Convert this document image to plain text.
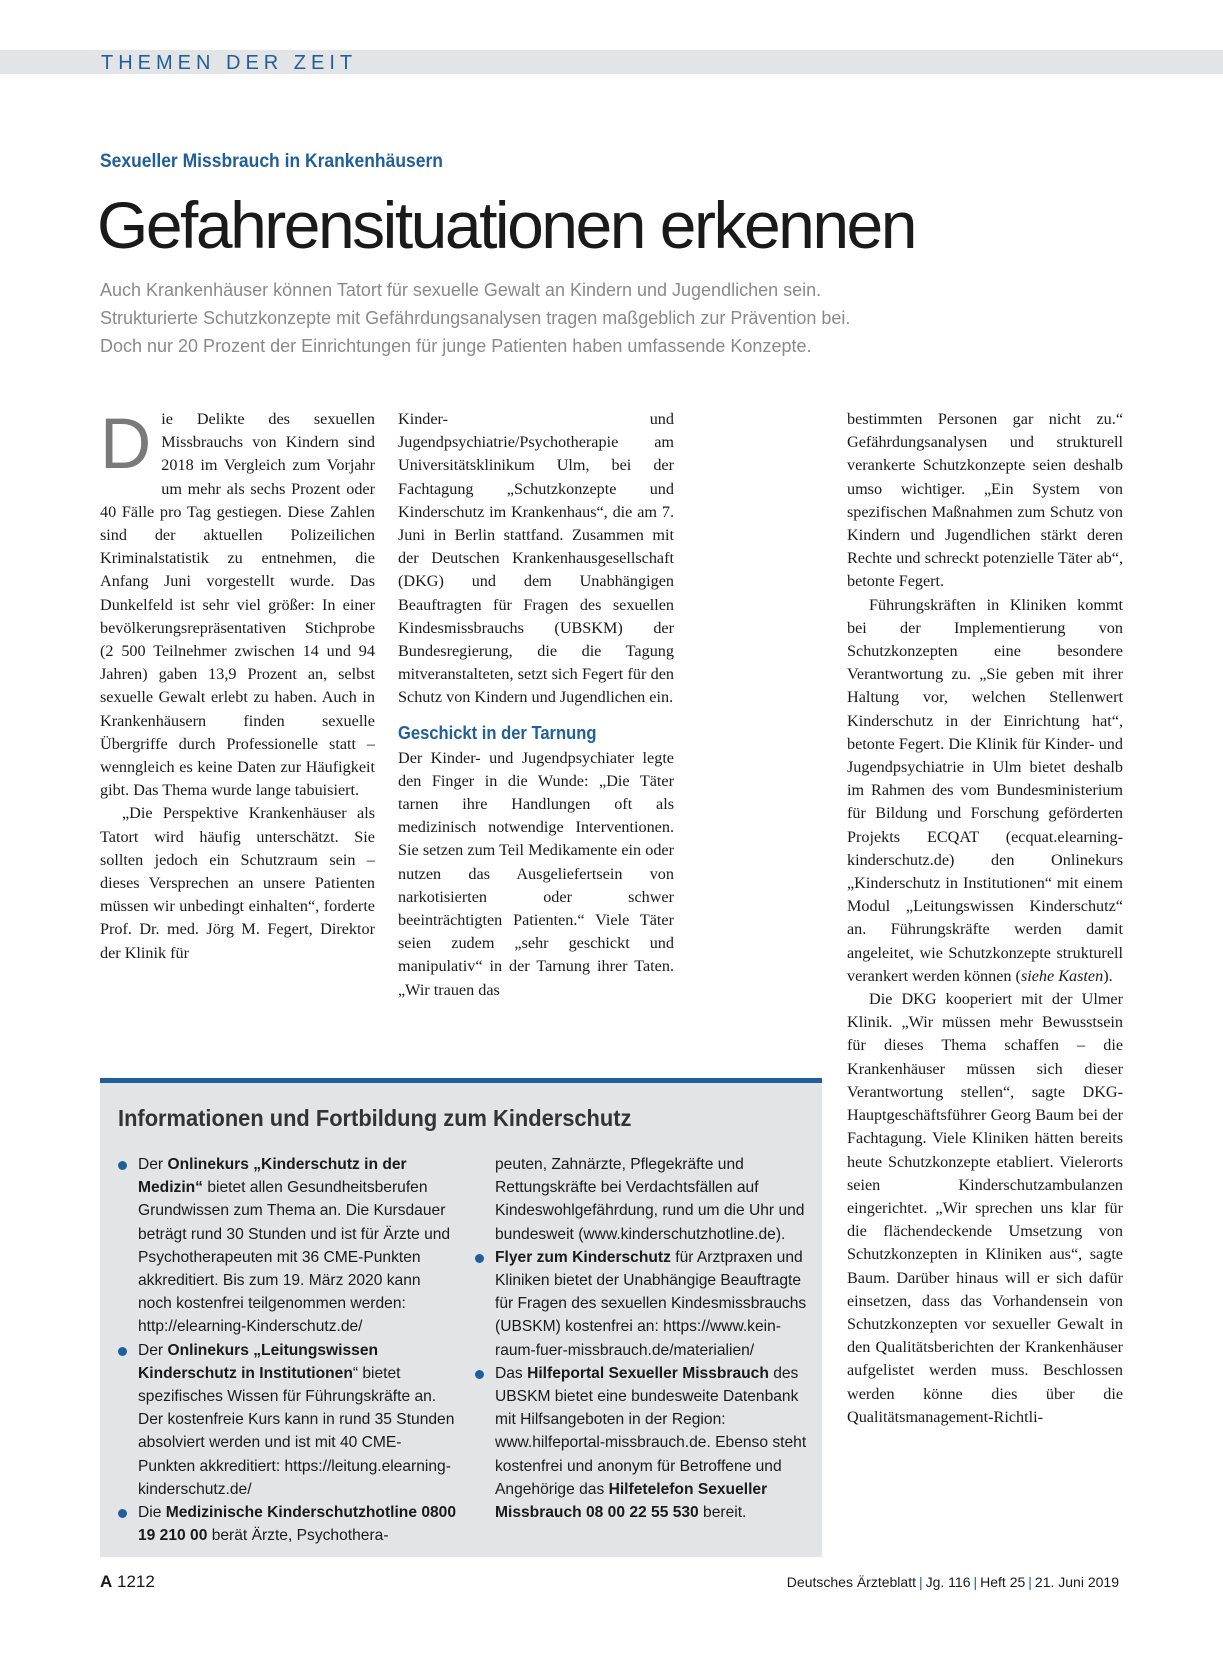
THEMEN DER ZEIT
Sexueller Missbrauch in Krankenhäusern
Gefahrensituationen erkennen

Auch Krankenhäuser können Tatort für sexuelle Gewalt an Kindern und Jugendlichen sein.
Strukturierte Schutzkonzepte mit Gefährdungsanalysen tragen maßgeblich zur Prävention bei.
Doch nur 20 Prozent der Einrichtungen für junge Patienten haben umfassende Konzepte.

Die Delikte des sexuellen Missbrauchs von Kindern sind 2018 im Vergleich zum Vorjahr um mehr als sechs Prozent oder 40 Fälle pro Tag gestiegen. Diese Zahlen sind der aktuellen Polizeilichen Kriminalstatistik zu entnehmen, die Anfang Juni vorgestellt wurde. Das Dunkelfeld ist sehr viel größer: In einer bevölkerungsrepräsentativen Stichprobe (2 500 Teilnehmer zwischen 14 und 94 Jahren) gaben 13,9 Prozent an, selbst sexuelle Gewalt erlebt zu haben. Auch in Krankenhäusern finden sexuelle Übergriffe durch Professionelle statt – wenngleich es keine Daten zur Häufigkeit gibt. Das Thema wurde lange tabuisiert.

„Die Perspektive Krankenhäuser als Tatort wird häufig unterschätzt. Sie sollten jedoch ein Schutzraum sein – dieses Versprechen an unsere Patienten müssen wir unbedingt einhalten“, forderte Prof. Dr. med. Jörg M. Fegert, Direktor der Klinik für

Kinder- und Jugendpsychiatrie/Psychotherapie am Universitätsklinikum Ulm, bei der Fachtagung „Schutzkonzepte und Kinderschutz im Krankenhaus“, die am 7. Juni in Berlin stattfand. Zusammen mit der Deutschen Krankenhausgesellschaft (DKG) und dem Unabhängigen Beauftragten für Fragen des sexuellen Kindesmissbrauchs (UBSKM) der Bundesregierung, die die Tagung mitveranstalteten, setzt sich Fegert für den Schutz von Kindern und Jugendlichen ein.

Geschickt in der Tarnung

Der Kinder- und Jugendpsychiater legte den Finger in die Wunde: „Die Täter tarnen ihre Handlungen oft als medizinisch notwendige Interventionen. Sie setzen zum Teil Medikamente ein oder nutzen das Ausgeliefertsein von narkotisierten oder schwer beeinträchtigten Patienten.“ Viele Täter seien zudem „sehr geschickt und manipulativ“ in der Tarnung ihrer Taten. „Wir trauen das

bestimmten Personen gar nicht zu.“ Gefährdungsanalysen und strukturell verankerte Schutzkonzepte seien deshalb umso wichtiger. „Ein System von spezifischen Maßnahmen zum Schutz von Kindern und Jugendlichen stärkt deren Rechte und schreckt potenzielle Täter ab“, betonte Fegert.

Führungskräften in Kliniken kommt bei der Implementierung von Schutzkonzepten eine besondere Verantwortung zu. „Sie geben mit ihrer Haltung vor, welchen Stellenwert Kinderschutz in der Einrichtung hat“, betonte Fegert. Die Klinik für Kinder- und Jugendpsychiatrie in Ulm bietet deshalb im Rahmen des vom Bundesministerium für Bildung und Forschung geförderten Projekts ECQAT (ecquat.elearning-kinderschutz.de) den Onlinekurs „Kinderschutz in Institutionen“ mit einem Modul „Leitungswissen Kinderschutz“ an. Führungskräfte werden damit angeleitet, wie Schutzkonzepte strukturell verankert werden können (siehe Kasten).

Die DKG kooperiert mit der Ulmer Klinik. „Wir müssen mehr Bewusstsein für dieses Thema schaffen – die Krankenhäuser müssen sich dieser Verantwortung stellen“, sagte DKG-Hauptgeschäftsführer Georg Baum bei der Fachtagung. Viele Kliniken hätten bereits heute Schutzkonzepte etabliert. Vielerorts seien Kinderschutzambulanzen eingerichtet. „Wir sprechen uns klar für die flächendeckende Umsetzung von Schutzkonzepten in Kliniken aus“, sagte Baum. Darüber hinaus will er sich dafür einsetzen, dass das Vorhandensein von Schutzkonzepten vor sexueller Gewalt in den Qualitätsberichten der Krankenhäuser aufgelistet werden muss. Beschlossen werden könne dies über die Qualitätsmanagement-Richtli-

Informationen und Fortbildung zum Kinderschutz
Der Onlinekurs „Kinderschutz in der Medizin“ bietet allen Gesundheitsberufen Grundwissen zum Thema an. Die Kursdauer beträgt rund 30 Stunden und ist für Ärzte und Psychotherapeuten mit 36 CME-Punkten akkreditiert. Bis zum 19. März 2020 kann noch kostenfrei teilgenommen werden: http://elearning-Kinderschutz.de/
Der Onlinekurs „Leitungswissen Kinderschutz in Institutionen“ bietet spezifisches Wissen für Führungskräfte an. Der kostenfreie Kurs kann in rund 35 Stunden absolviert werden und ist mit 40 CME-Punkten akkreditiert: https://leitung.elearning-kinderschutz.de/
Die Medizinische Kinderschutzhotline 0800 19 210 00 berät Ärzte, Psychothera-
peuten, Zahnärzte, Pflegekräfte und Rettungskräfte bei Verdachtsfällen auf Kindeswohlgefährdung, rund um die Uhr und bundesweit (www.kinderschutzhotline.de).
Flyer zum Kinderschutz für Arztpraxen und Kliniken bietet der Unabhängige Beauftragte für Fragen des sexuellen Kindesmissbrauchs (UBSKM) kostenfrei an: https://www.kein-raum-fuer-missbrauch.de/materialien/
Das Hilfeportal Sexueller Missbrauch des UBSKM bietet eine bundesweite Datenbank mit Hilfsangeboten in der Region: www.hilfeportal-missbrauch.de. Ebenso steht kostenfrei und anonym für Betroffene und Angehörige das Hilfetelefon Sexueller Missbrauch 08 00 22 55 530 bereit.
A 1212	Deutsches Ärzteblatt | Jg. 116 | Heft 25 | 21. Juni 2019
